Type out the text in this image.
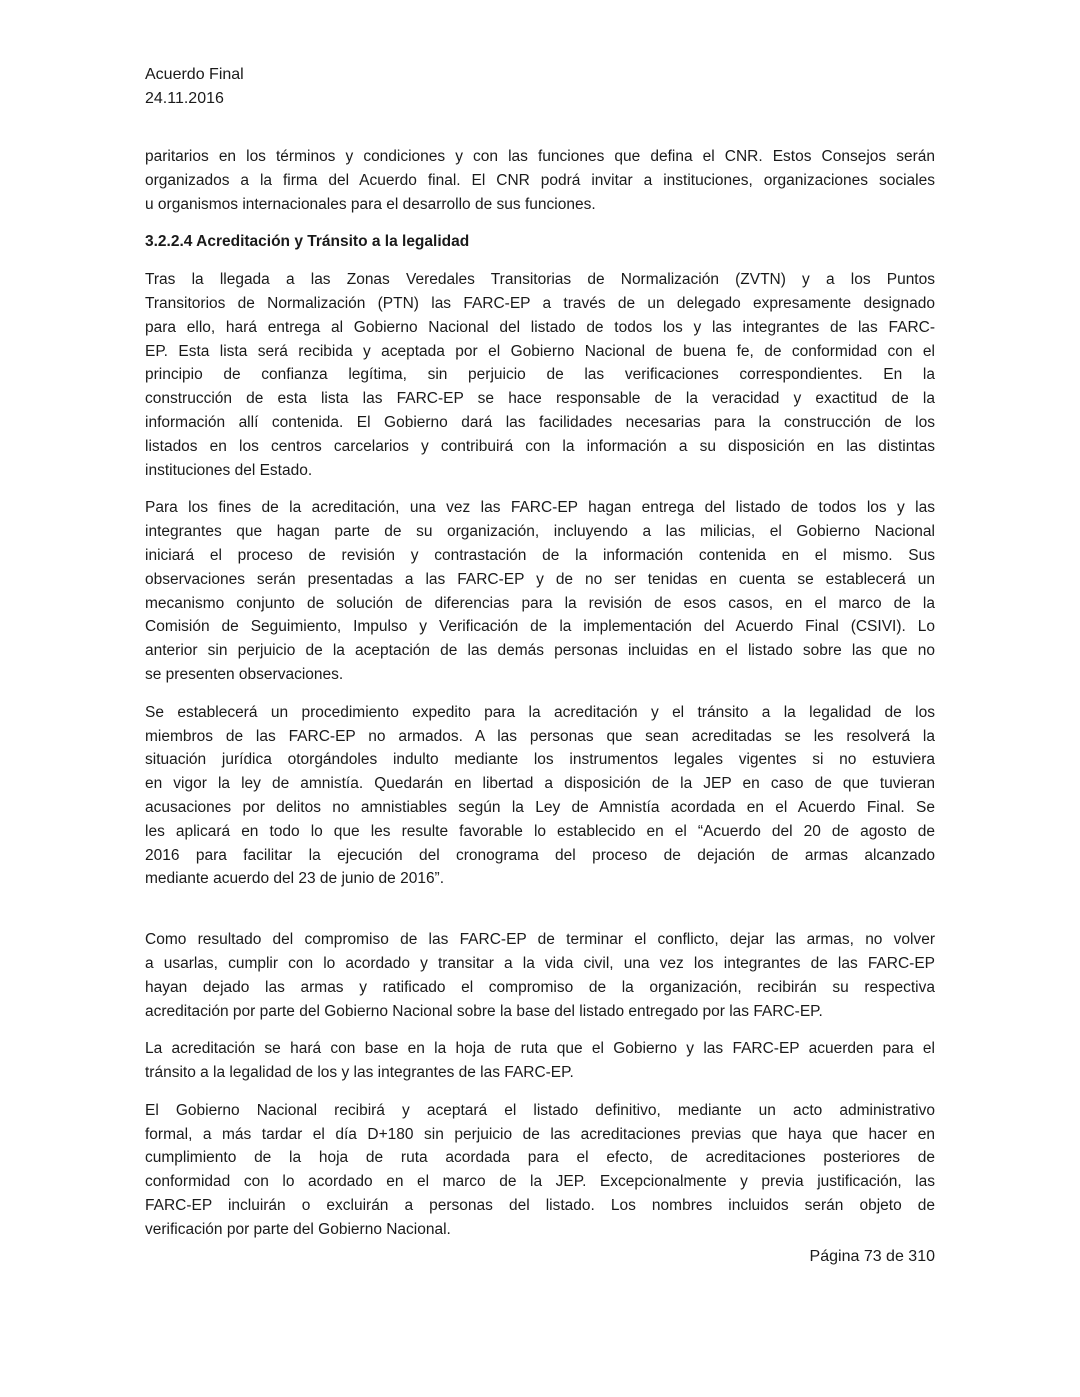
Acuerdo Final
24.11.2016
paritarios en los términos y condiciones y con las funciones que defina el CNR. Estos Consejos serán
organizados a la firma del Acuerdo final. El CNR podrá invitar a instituciones, organizaciones sociales
u organismos internacionales para el desarrollo de sus funciones.
3.2.2.4 Acreditación y Tránsito a la legalidad
Tras la llegada a las Zonas Veredales Transitorias de Normalización (ZVTN) y a los Puntos
Transitorios de Normalización (PTN) las FARC-EP a través de un delegado expresamente designado
para ello, hará entrega al Gobierno Nacional del listado de todos los y las integrantes de las FARC-
EP. Esta lista será recibida y aceptada por el Gobierno Nacional de buena fe, de conformidad con el
principio de confianza legítima, sin perjuicio de las verificaciones correspondientes. En la
construcción de esta lista las FARC-EP se hace responsable de la veracidad y exactitud de la
información allí contenida. El Gobierno dará las facilidades necesarias para la construcción de los
listados en los centros carcelarios y contribuirá con la información a su disposición en las distintas
instituciones del Estado.
Para los fines de la acreditación, una vez las FARC-EP hagan entrega del listado de todos los y las
integrantes que hagan parte de su organización, incluyendo a las milicias, el Gobierno Nacional
iniciará el proceso de revisión y contrastación de la información contenida en el mismo. Sus
observaciones serán presentadas a las FARC-EP y de no ser tenidas en cuenta se establecerá un
mecanismo conjunto de solución de diferencias para la revisión de esos casos, en el marco de la
Comisión de Seguimiento, Impulso y Verificación de la implementación del Acuerdo Final (CSIVI). Lo
anterior sin perjuicio de la aceptación de las demás personas incluidas en el listado sobre las que no
se presenten observaciones.
Se establecerá un procedimiento expedito para la acreditación y el tránsito a la legalidad de los
miembros de las FARC-EP no armados. A las personas que sean acreditadas se les resolverá la
situación jurídica otorgándoles indulto mediante los instrumentos legales vigentes si no estuviera
en vigor la ley de amnistía. Quedarán en libertad a disposición de la JEP en caso de que tuvieran
acusaciones por delitos no amnistiables según la Ley de Amnistía acordada en el Acuerdo Final. Se
les aplicará en todo lo que les resulte favorable lo establecido en el “Acuerdo del 20 de agosto de
2016 para facilitar la ejecución del cronograma del proceso de dejación de armas alcanzado
mediante acuerdo del 23 de junio de 2016”.
Como resultado del compromiso de las FARC-EP de terminar el conflicto, dejar las armas, no volver
a usarlas, cumplir con lo acordado y transitar a la vida civil, una vez los integrantes de las FARC-EP
hayan dejado las armas y ratificado el compromiso de la organización, recibirán su respectiva
acreditación por parte del Gobierno Nacional sobre la base del listado entregado por las FARC-EP.
La acreditación se hará con base en la hoja de ruta que el Gobierno y las FARC-EP acuerden para el
tránsito a la legalidad de los y las integrantes de las FARC-EP.
El Gobierno Nacional recibirá y aceptará el listado definitivo, mediante un acto administrativo
formal, a más tardar el día D+180 sin perjuicio de las acreditaciones previas que haya que hacer en
cumplimiento de la hoja de ruta acordada para el efecto, de acreditaciones posteriores de
conformidad con lo acordado en el marco de la JEP. Excepcionalmente y previa justificación, las
FARC-EP incluirán o excluirán a personas del listado. Los nombres incluidos serán objeto de
verificación por parte del Gobierno Nacional.
Página 73 de 310
